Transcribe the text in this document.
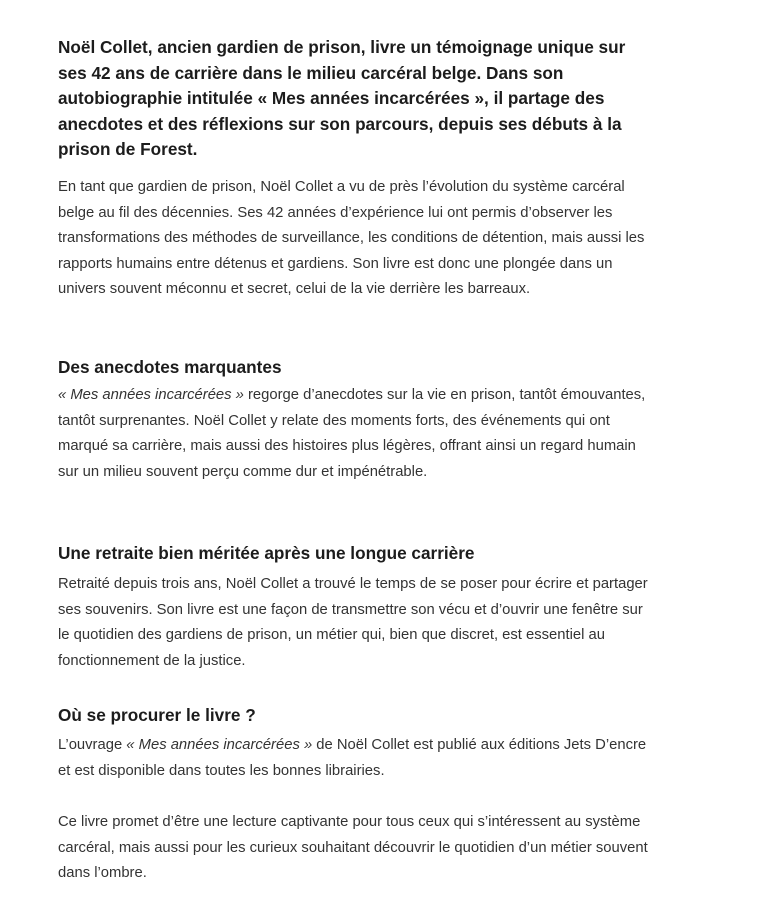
Noël Collet, ancien gardien de prison, livre un témoignage unique sur ses 42 ans de carrière dans le milieu carcéral belge. Dans son autobiographie intitulée « Mes années incarcérées », il partage des anecdotes et des réflexions sur son parcours, depuis ses débuts à la prison de Forest.

En tant que gardien de prison, Noël Collet a vu de près l’évolution du système carcéral belge au fil des décennies. Ses 42 années d’expérience lui ont permis d’observer les transformations des méthodes de surveillance, les conditions de détention, mais aussi les rapports humains entre détenus et gardiens. Son livre est donc une plongée dans un univers souvent méconnu et secret, celui de la vie derrière les barreaux.

Des anecdotes marquantes

« Mes années incarcérées » regorge d’anecdotes sur la vie en prison, tantôt émouvantes, tantôt surprenantes. Noël Collet y relate des moments forts, des événements qui ont marqué sa carrière, mais aussi des histoires plus légères, offrant ainsi un regard humain sur un milieu souvent perçu comme dur et impénétrable.

Une retraite bien méritée après une longue carrière

Retraité depuis trois ans, Noël Collet a trouvé le temps de se poser pour écrire et partager ses souvenirs. Son livre est une façon de transmettre son vécu et d’ouvrir une fenêtre sur le quotidien des gardiens de prison, un métier qui, bien que discret, est essentiel au fonctionnement de la justice.

Où se procurer le livre ?

L’ouvrage « Mes années incarcérées » de Noël Collet est publié aux éditions Jets D’encre et est disponible dans toutes les bonnes librairies.

Ce livre promet d’être une lecture captivante pour tous ceux qui s’intéressent au système carcéral, mais aussi pour les curieux souhaitant découvrir le quotidien d’un métier souvent dans l’ombre.
